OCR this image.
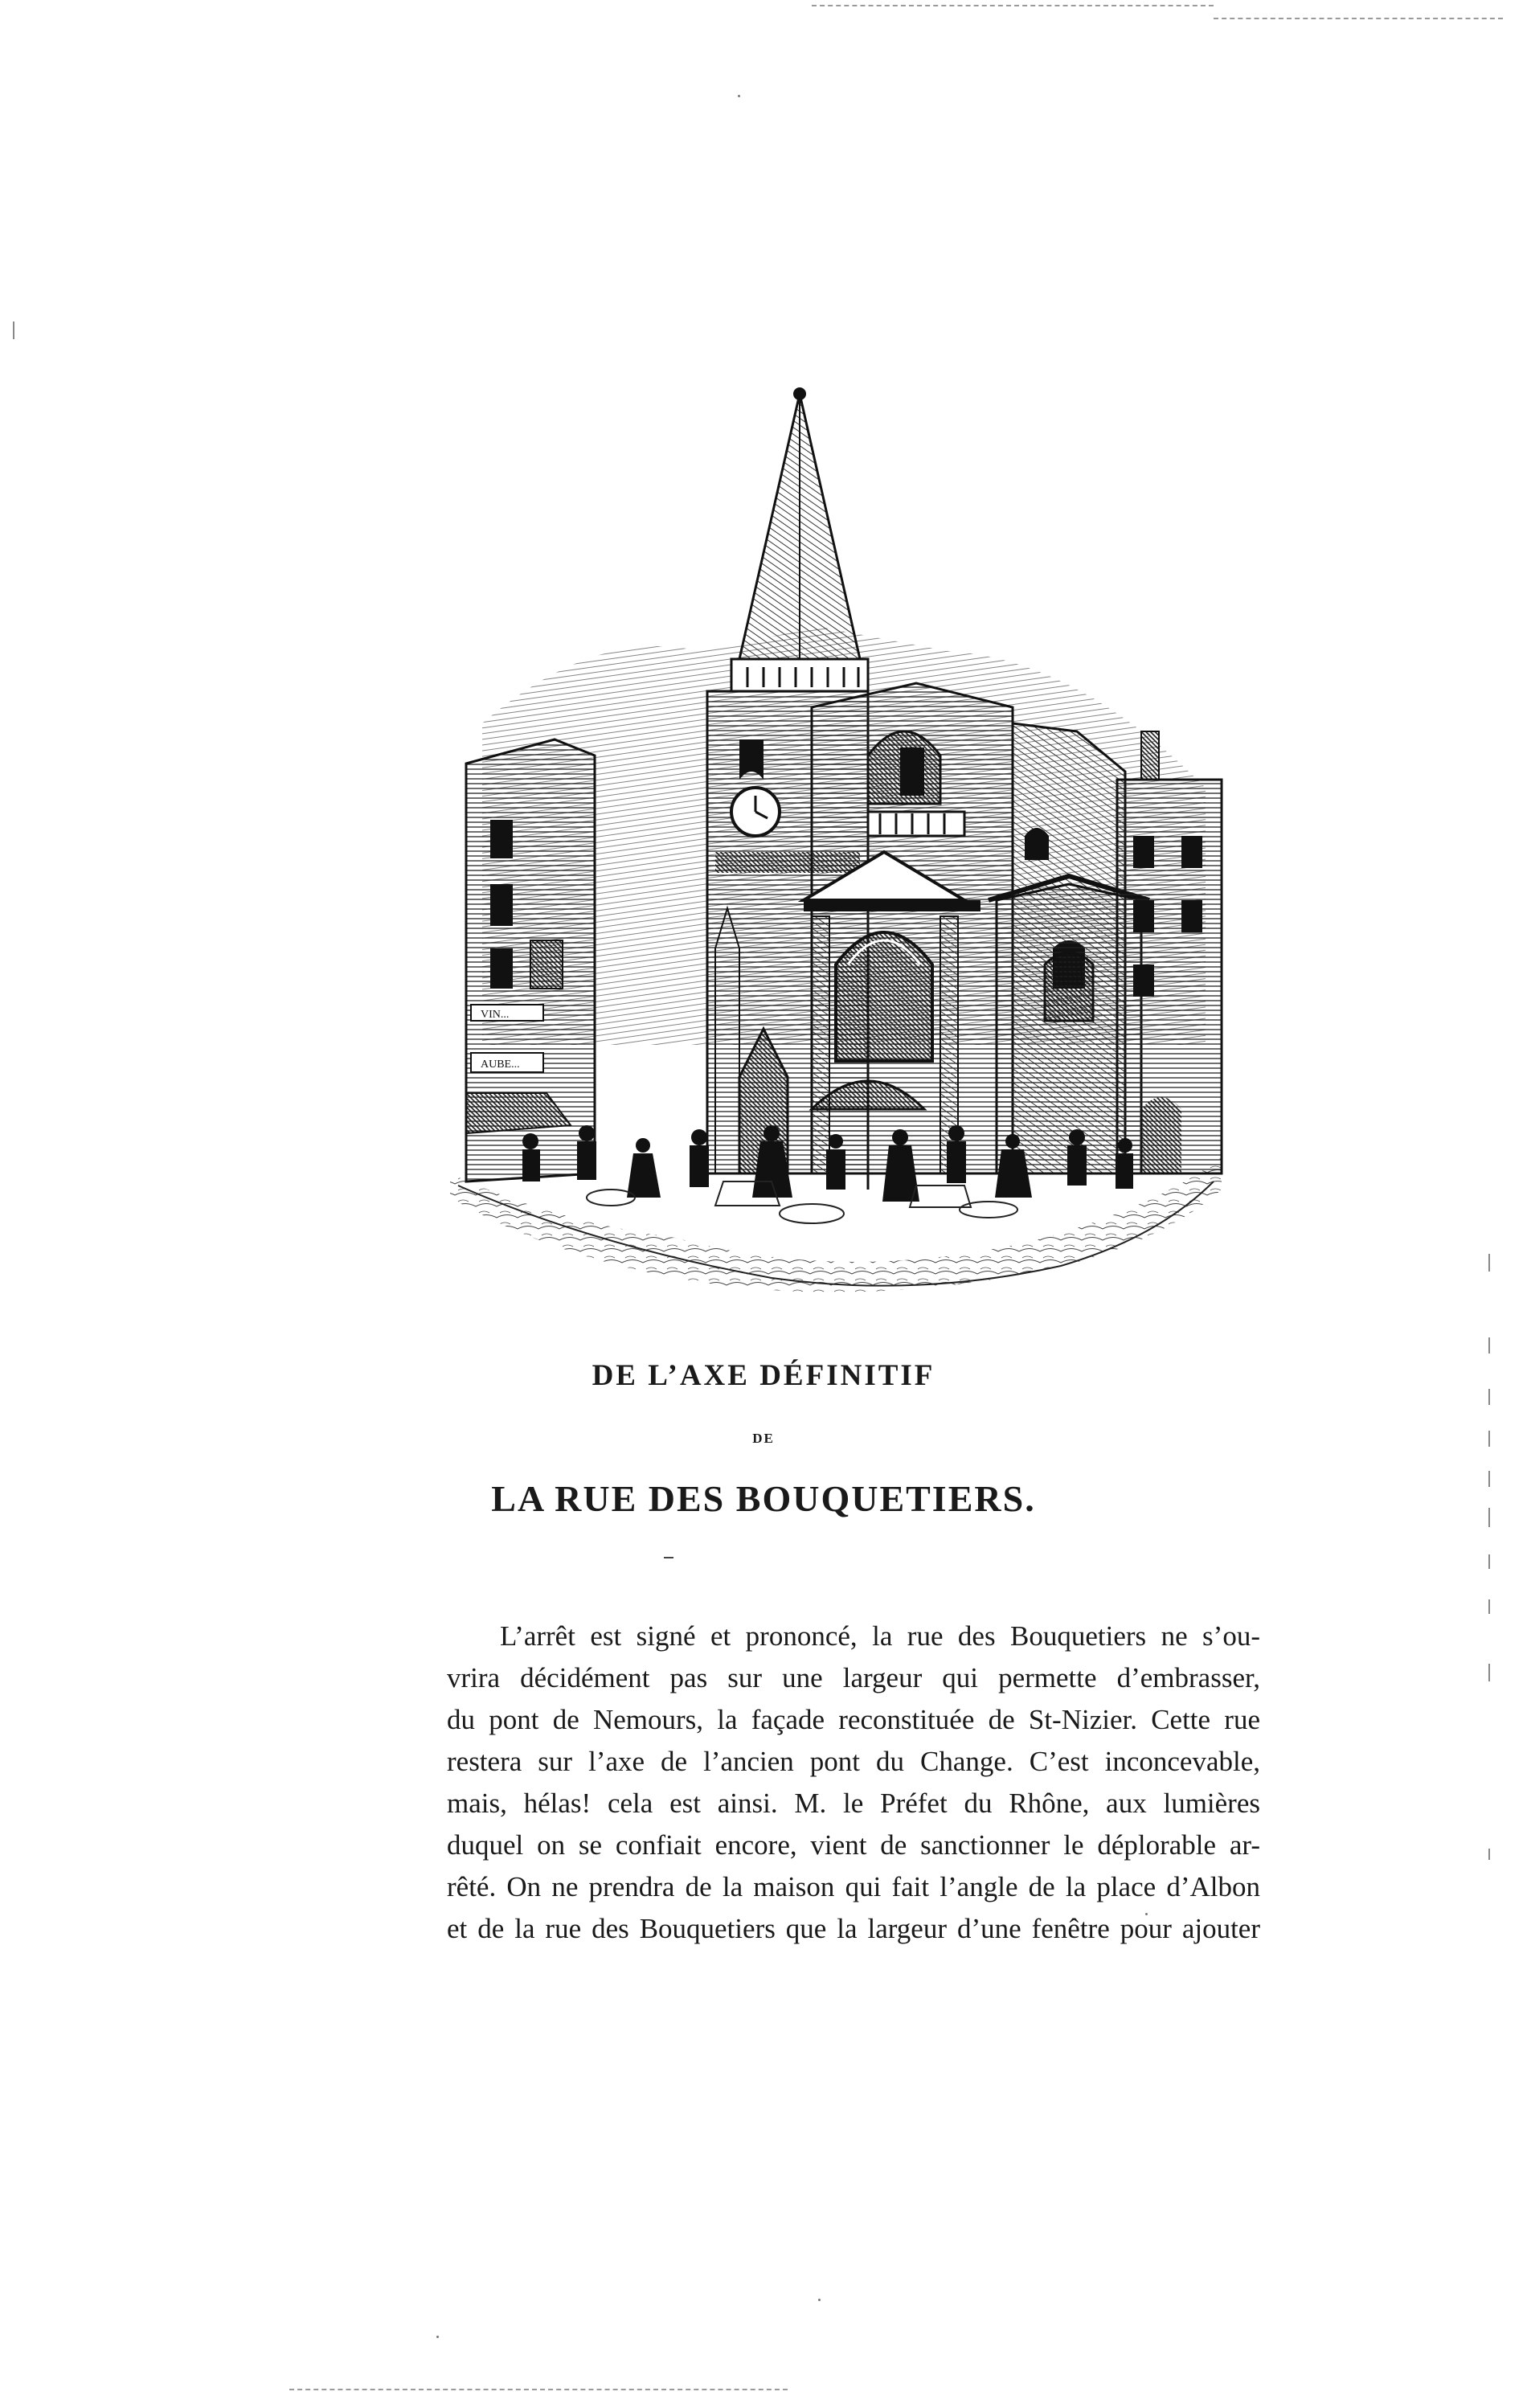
VIN...
AUBE...
DE L’AXE DÉFINITIF
DE
LA RUE DES BOUQUETIERS.
L’arrêt est signé et prononcé, la rue des Bouquetiers ne s’ou-
vrira décidément pas sur une largeur qui permette d’embrasser,
du pont de Nemours, la façade reconstituée de St-Nizier. Cette rue
restera sur l’axe de l’ancien pont du Change. C’est inconcevable,
mais, hélas! cela est ainsi. M. le Préfet du Rhône, aux lumières
duquel on se confiait encore, vient de sanctionner le déplorable ar-
rêté. On ne prendra de la maison qui fait l’angle de la place d’Albon
et de la rue des Bouquetiers que la largeur d’une fenêtre pour ajouter
